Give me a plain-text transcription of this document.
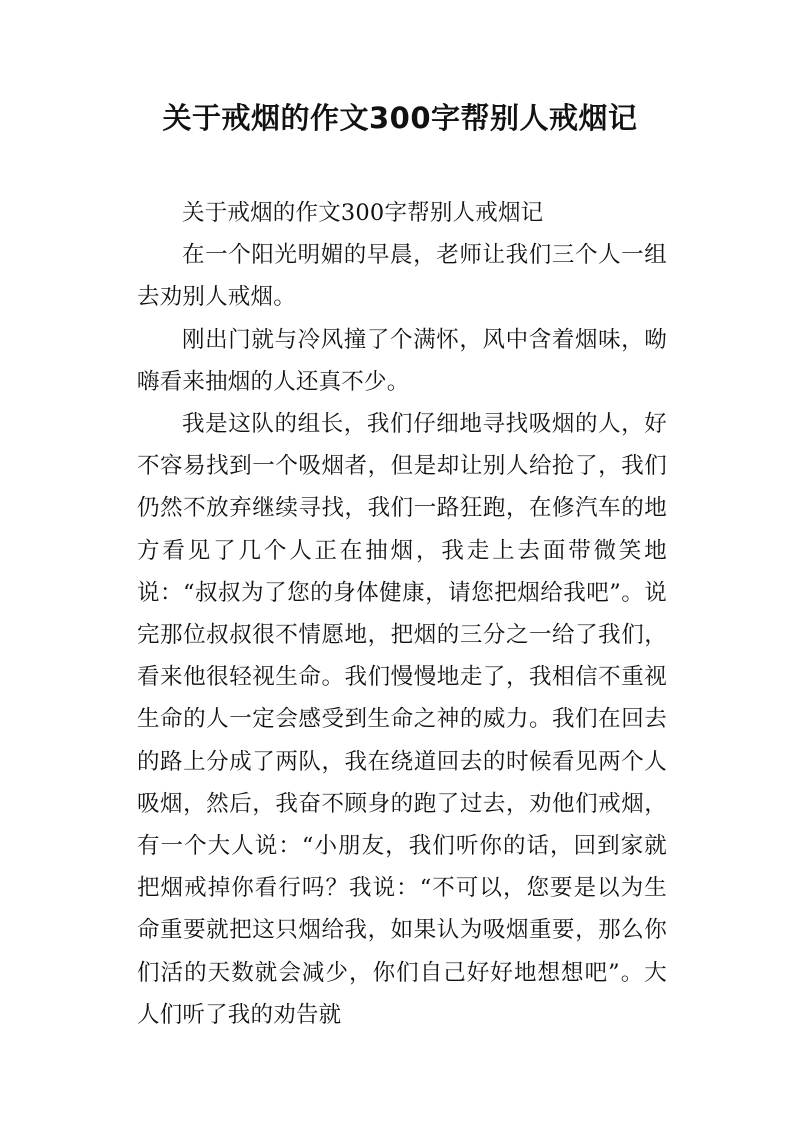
关于戒烟的作文300字帮别人戒烟记

关于戒烟的作文300字帮别人戒烟记

在一个阳光明媚的早晨，老师让我们三个人一组去劝别人戒烟。

刚出门就与冷风撞了个满怀，风中含着烟味，呦嗨看来抽烟的人还真不少。

我是这队的组长，我们仔细地寻找吸烟的人，好不容易找到一个吸烟者，但是却让别人给抢了，我们仍然不放弃继续寻找，我们一路狂跑，在修汽车的地方看见了几个人正在抽烟，我走上去面带微笑地说：“叔叔为了您的身体健康，请您把烟给我吧”。说完那位叔叔很不情愿地，把烟的三分之一给了我们，看来他很轻视生命。我们慢慢地走了，我相信不重视生命的人一定会感受到生命之神的威力。我们在回去的路上分成了两队，我在绕道回去的时候看见两个人吸烟，然后，我奋不顾身的跑了过去，劝他们戒烟，有一个大人说：“小朋友，我们听你的话，回到家就把烟戒掉你看行吗？我说：“不可以，您要是以为生命重要就把这只烟给我，如果认为吸烟重要，那么你们活的天数就会减少，你们自己好好地想想吧”。大人们听了我的劝告就
